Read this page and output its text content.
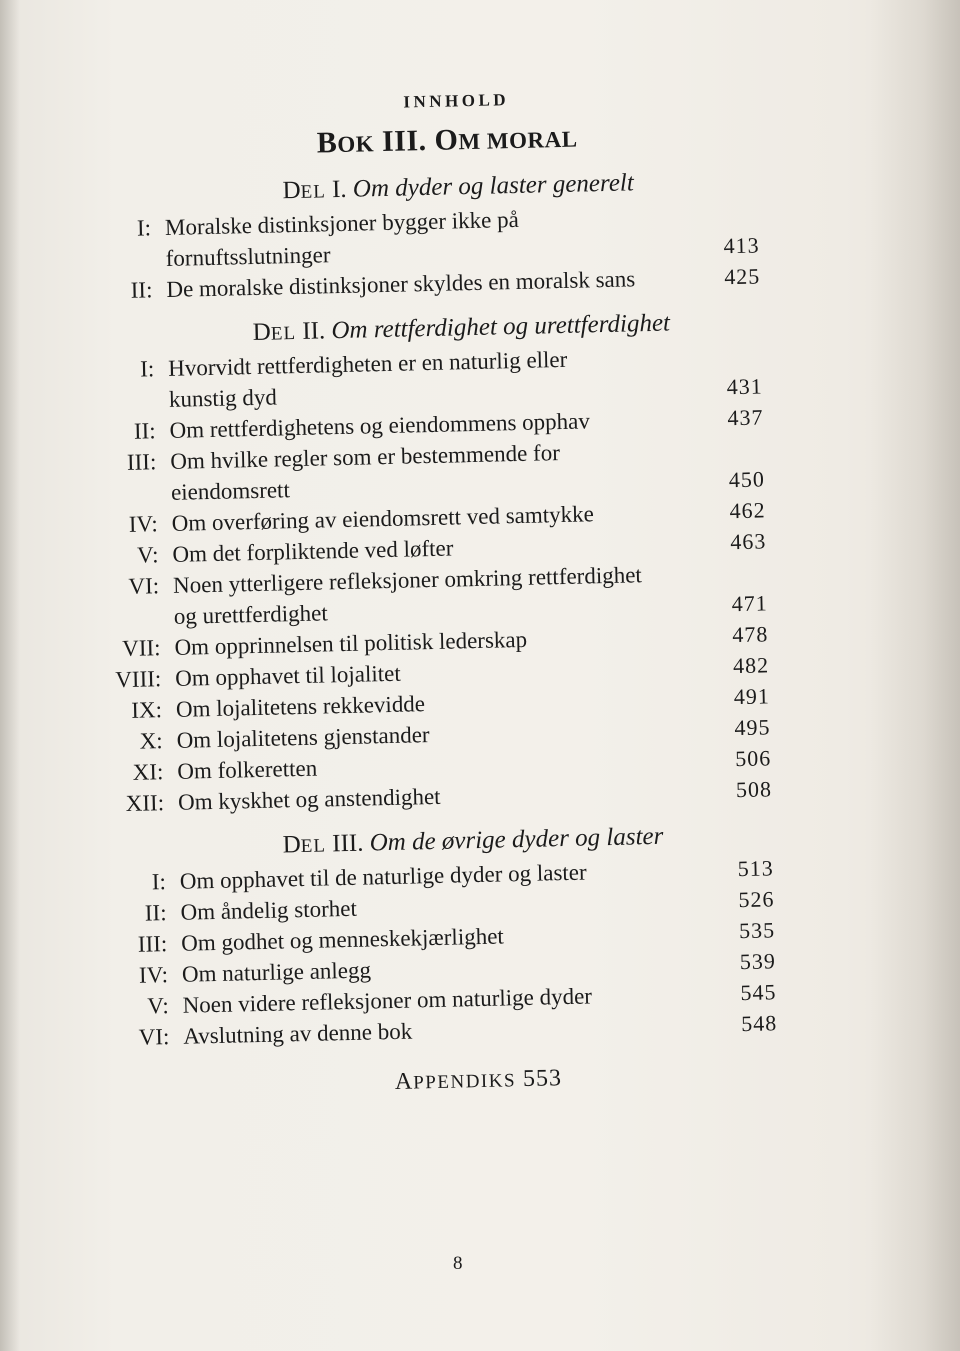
INNHOLD
BOK III. OM MORAL
DEL I. Om dyder og laster generelt
I: Moralske distinksjoner bygger ikke på
fornuftsslutninger	413
II: De moralske distinksjoner skyldes en moralsk sans	425
DEL II. Om rettferdighet og urettferdighet
I: Hvorvidt rettferdigheten er en naturlig eller
kunstig dyd	431
II: Om rettferdighetens og eiendommens opphav	437
III: Om hvilke regler som er bestemmende for
eiendomsrett	450
IV: Om overføring av eiendomsrett ved samtykke	462
V: Om det forpliktende ved løfter	463
VI: Noen ytterligere refleksjoner omkring rettferdighet
og urettferdighet	471
VII: Om opprinnelsen til politisk lederskap	478
VIII: Om opphavet til lojalitet	482
IX: Om lojalitetens rekkevidde	491
X: Om lojalitetens gjenstander	495
XI: Om folkeretten	506
XII: Om kyskhet og anstendighet	508
DEL III. Om de øvrige dyder og laster
I: Om opphavet til de naturlige dyder og laster	513
II: Om åndelig storhet	526
III: Om godhet og menneskekjærlighet	535
IV: Om naturlige anlegg	539
V: Noen videre refleksjoner om naturlige dyder	545
VI: Avslutning av denne bok	548
APPENDIKS 553
8
